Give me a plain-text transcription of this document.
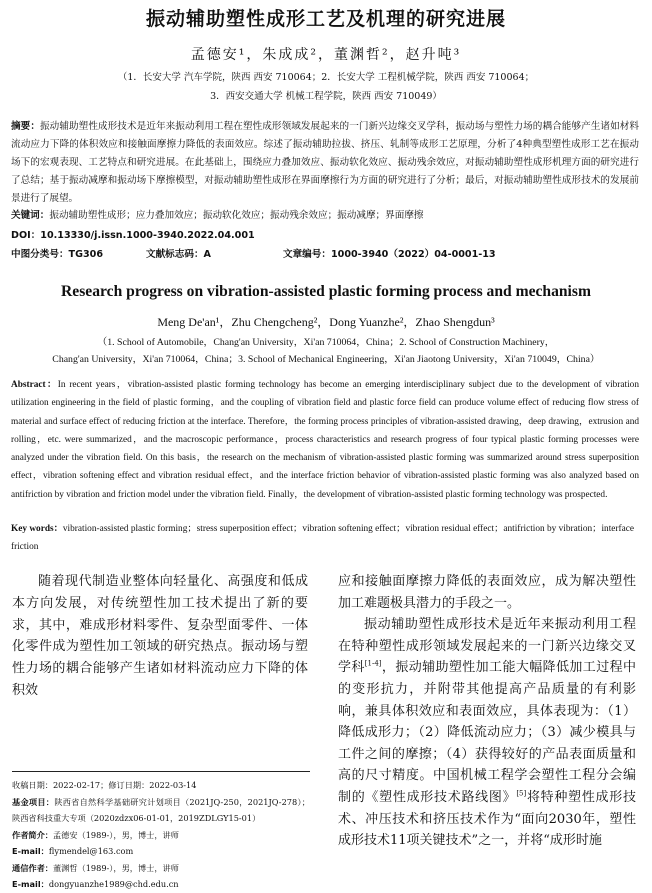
振动辅助塑性成形工艺及机理的研究进展
孟德安¹，朱成成²，董渊哲²，赵升吨³
（1．长安大学 汽车学院，陕西 西安 710064；2．长安大学 工程机械学院，陕西 西安 710064；
3．西安交通大学 机械工程学院，陕西 西安 710049）
摘要：振动辅助塑性成形技术是近年来振动利用工程在塑性成形领域发展起来的一门新兴边缘交叉学科，振动场与塑性力场的耦合能够产生诸如材料流动应力下降的体积效应和接触面摩擦力降低的表面效应。综述了振动辅助拉拔、挤压、轧制等成形工艺原理，分析了4种典型塑性成形工艺在振动场下的宏观表现、工艺特点和研究进展。在此基础上，围绕应力叠加效应、振动软化效应、振动残余效应，对振动辅助塑性成形机理方面的研究进行了总结；基于振动减摩和振动场下摩擦模型，对振动辅助塑性成形在界面摩擦行为方面的研究进行了分析；最后，对振动辅助塑性成形技术的发展前景进行了展望。
关键词：振动辅助塑性成形；应力叠加效应；振动软化效应；振动残余效应；振动减摩；界面摩擦
DOI：10.13330/j.issn.1000-3940.2022.04.001
中图分类号：TG306	文献标志码：A	文章编号：1000-3940（2022）04-0001-13
Research progress on vibration-assisted plastic forming process and mechanism
Meng De'an¹，Zhu Chengcheng²，Dong Yuanzhe²，Zhao Shengdun³
（1. School of Automobile，Chang'an University，Xi'an 710064，China；2. School of Construction Machinery，
Chang'an University，Xi'an 710064，China；3. School of Mechanical Engineering，Xi'an Jiaotong University，Xi'an 710049，China）
Abstract：In recent years，vibration-assisted plastic forming technology has become an emerging interdisciplinary subject due to the development of vibration utilization engineering in the field of plastic forming，and the coupling of vibration field and plastic force field can produce volume effect of reducing flow stress of material and surface effect of reducing friction at the interface. Therefore，the forming process principles of vibration-assisted drawing，deep drawing，extrusion and rolling，etc. were summarized，and the macroscopic performance，process characteristics and research progress of four typical plastic forming processes were analyzed under the vibration field. On this basis，the research on the mechanism of vibration-assisted plastic forming was summarized around stress superposition effect，vibration softening effect and vibration residual effect，and the interface friction behavior of vibration-assisted plastic forming was also analyzed based on antifriction by vibration and friction model under the vibration field. Finally，the development of vibration-assisted plastic forming technology was prospected.
Key words：vibration-assisted plastic forming；stress superposition effect；vibration softening effect；vibration residual effect；antifriction by vibration；interface friction
随着现代制造业整体向轻量化、高强度和低成本方向发展，对传统塑性加工技术提出了新的要求，其中，难成形材料零件、复杂型面零件、一体化零件成为塑性加工领域的研究热点。振动场与塑性力场的耦合能够产生诸如材料流动应力下降的体积效

应和接触面摩擦力降低的表面效应，成为解决塑性加工难题极具潜力的手段之一。

振动辅助塑性成形技术是近年来振动利用工程在特种塑性成形领域发展起来的一门新兴边缘交叉学科[1-4]，振动辅助塑性加工能大幅降低加工过程中的变形抗力，并附带其他提高产品质量的有利影响，兼具体积效应和表面效应，具体表现为：（1）降低成形力；（2）降低流动应力；（3）减少模具与工件之间的摩擦；（4）获得较好的产品表面质量和高的尺寸精度。中国机械工程学会塑性工程分会编制的《塑性成形技术路线图》[5]将特种塑性成形技术、冲压技术和挤压技术作为“面向2030年，塑性成形技术11项关键技术”之一，并将“成形时施

收稿日期：2022-02-17；修订日期：2022-03-14
基金项目：陕西省自然科学基础研究计划项目（2021JQ-250，2021JQ-278）；陕西省科技重大专项（2020zdzx06-01-01，2019ZDLGY15-01）
作者简介：孟德安（1989-），男，博士，讲师
E-mail：flymendel@163.com
通信作者：董渊哲（1989-），男，博士，讲师
E-mail：dongyuanzhe1989@chd.edu.cn
